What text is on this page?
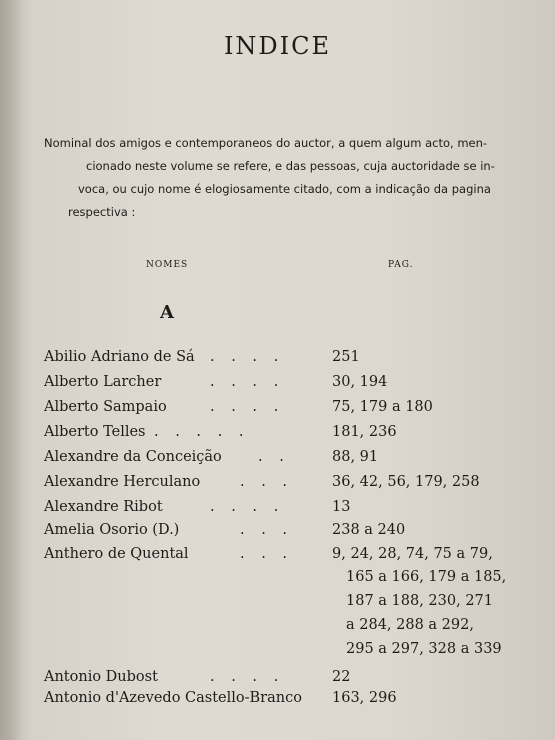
INDICE
Nominal dos amigos e contemporaneos do auctor, a quem algum acto, men-
cionado neste volume se refere, e das pessoas, cuja auctoridade se in-
voca, ou cujo nome é elogiosamente citado, com a indicação da pagina
respectiva :
NOMES	PAG.
A
Abilio Adriano de Sá . . . .	251
Alberto Larcher	. . . .	30, 194
Alberto Sampaio	. . . .	75, 179 a 180
Alberto Telles . . . . .	181, 236
Alexandre da Conceição . .	88, 91
Alexandre Herculano	. . .	36, 42, 56, 179, 258
Alexandre Ribot	. . . .	13
Amelia Osorio (D.)	. . .	238 a 240
Anthero de Quental	. . .	9, 24, 28, 74, 75 a 79,
165 a 166, 179 a 185,
187 a 188, 230, 271
a 284, 288 a 292,
295 a 297, 328 a 339
Antonio Dubost	. . . .	22
Antonio d'Azevedo Castello-Branco 163, 296
